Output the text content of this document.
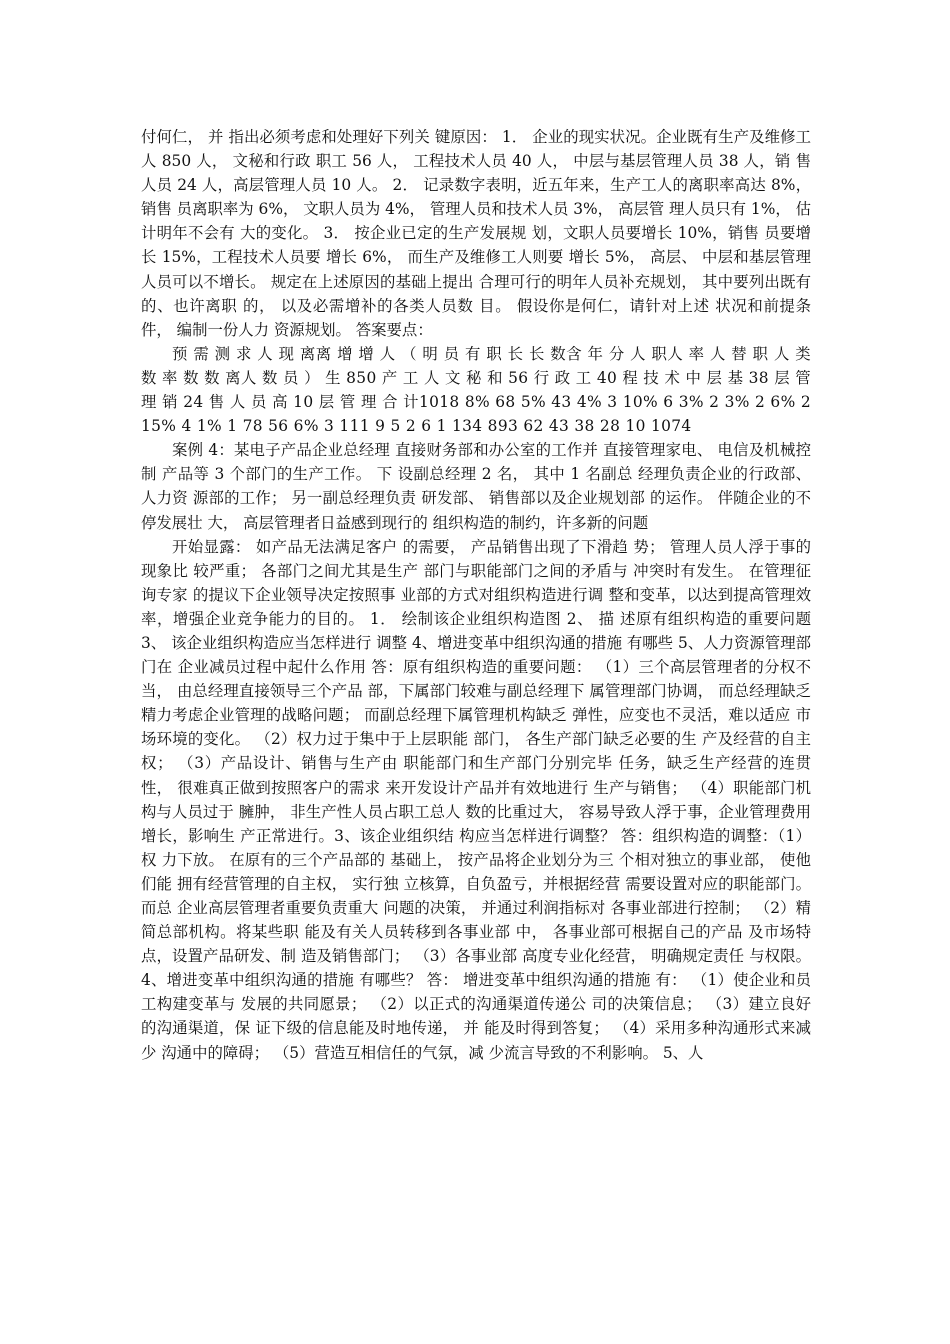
付何仁， 并 指出必须考虑和处理好下列关 键原因： 1． 企业的现实状况。企业既有生产及维修工人 850 人， 文秘和行政 职工 56 人， 工程技术人员 40 人， 中层与基层管理人员 38 人，销 售人员 24 人，高层管理人员 10 人。 2． 记录数字表明，近五年来，生产工人的离职率高达 8%， 销售 员离职率为 6%， 文职人员为 4%， 管理人员和技术人员 3%， 高层管 理人员只有 1%， 估计明年不会有 大的变化。 3． 按企业已定的生产发展规 划，文职人员要增长 10%，销售 员要增长 15%，工程技术人员要 增长 6%， 而生产及维修工人则要 增长 5%， 高层、 中层和基层管理 人员可以不增长。 规定在上述原因的基础上提出 合理可行的明年人员补充规划， 其中要列出既有的、也许离职 的， 以及必需增补的各类人员数 目。 假设你是何仁，请针对上述 状况和前提条件， 编制一份人力 资源规划。 答案要点：

预 需 测 求 人 现 离离 增 增 人 （ 明 员 有 职 长 长 数含 年 分 人 职人 率 人 替 职 人 类 数 率 数 数 离人 数 员 ） 生 850 产 工 人 文 秘 和 56 行 政 工 40 程 技 术 中 层 基 38 层 管 理 销 24 售 人 员 高 10 层 管 理 合 计1018 8% 68 5% 43 4% 3 10% 6 3% 2 3% 2 6% 2 15% 4 1% 1 78 56 6% 3 111 9 5 2 6 1 134 893 62 43 38 28 10 1074

案例 4：某电子产品企业总经理 直接财务部和办公室的工作并 直接管理家电、 电信及机械控制 产品等 3 个部门的生产工作。 下 设副总经理 2 名， 其中 1 名副总 经理负责企业的行政部、 人力资 源部的工作； 另一副总经理负责 研发部、 销售部以及企业规划部 的运作。 伴随企业的不停发展壮 大， 高层管理者日益感到现行的 组织构造的制约，许多新的问题

开始显露： 如产品无法满足客户 的需要， 产品销售出现了下滑趋 势； 管理人员人浮于事的现象比 较严重； 各部门之间尤其是生产 部门与职能部门之间的矛盾与 冲突时有发生。 在管理征询专家 的提议下企业领导决定按照事 业部的方式对组织构造进行调 整和变革，以达到提高管理效 率，增强企业竞争能力的目的。 1． 绘制该企业组织构造图 2、 描 述原有组织构造的重要问题 3、 该企业组织构造应当怎样进行 调整 4、增进变革中组织沟通的措施 有哪些 5、人力资源管理部门在 企业减员过程中起什么作用 答：原有组织构造的重要问题： （1）三个高层管理者的分权不 当， 由总经理直接领导三个产品 部，下属部门较难与副总经理下 属管理部门协调， 而总经理缺乏 精力考虑企业管理的战略问题； 而副总经理下属管理机构缺乏 弹性，应变也不灵活，难以适应 市场环境的变化。 （2）权力过于集中于上层职能 部门， 各生产部门缺乏必要的生 产及经营的自主权； （3）产品设计、销售与生产由 职能部门和生产部门分别完毕 任务，缺乏生产经营的连贯性， 很难真正做到按照客户的需求 来开发设计产品并有效地进行 生产与销售； （4）职能部门机构与人员过于 臃肿， 非生产性人员占职工总人 数的比重过大， 容易导致人浮于事，企业管理费用增长，影响生 产正常进行。3、该企业组织结 构应当怎样进行调整？ 答：组织构造的调整：（1）权 力下放。 在原有的三个产品部的 基础上， 按产品将企业划分为三 个相对独立的事业部， 使他们能 拥有经营管理的自主权， 实行独 立核算，自负盈亏，并根据经营 需要设置对应的职能部门。 而总 企业高层管理者重要负责重大 问题的决策， 并通过利润指标对 各事业部进行控制； （2）精简总部机构。将某些职 能及有关人员转移到各事业部 中， 各事业部可根据自己的产品 及市场特点，设置产品研发、制 造及销售部门； （3）各事业部 高度专业化经营， 明确规定责任 与权限。 4、增进变革中组织沟通的措施 有哪些？ 答： 增进变革中组织沟通的措施 有： （1）使企业和员工构建变革与 发展的共同愿景； （2）以正式的沟通渠道传递公 司的决策信息； （3）建立良好的沟通渠道，保 证下级的信息能及时地传递， 并 能及时得到答复； （4）采用多种沟通形式来减少 沟通中的障碍； （5）营造互相信任的气氛，减 少流言导致的不利影响。 5、人
